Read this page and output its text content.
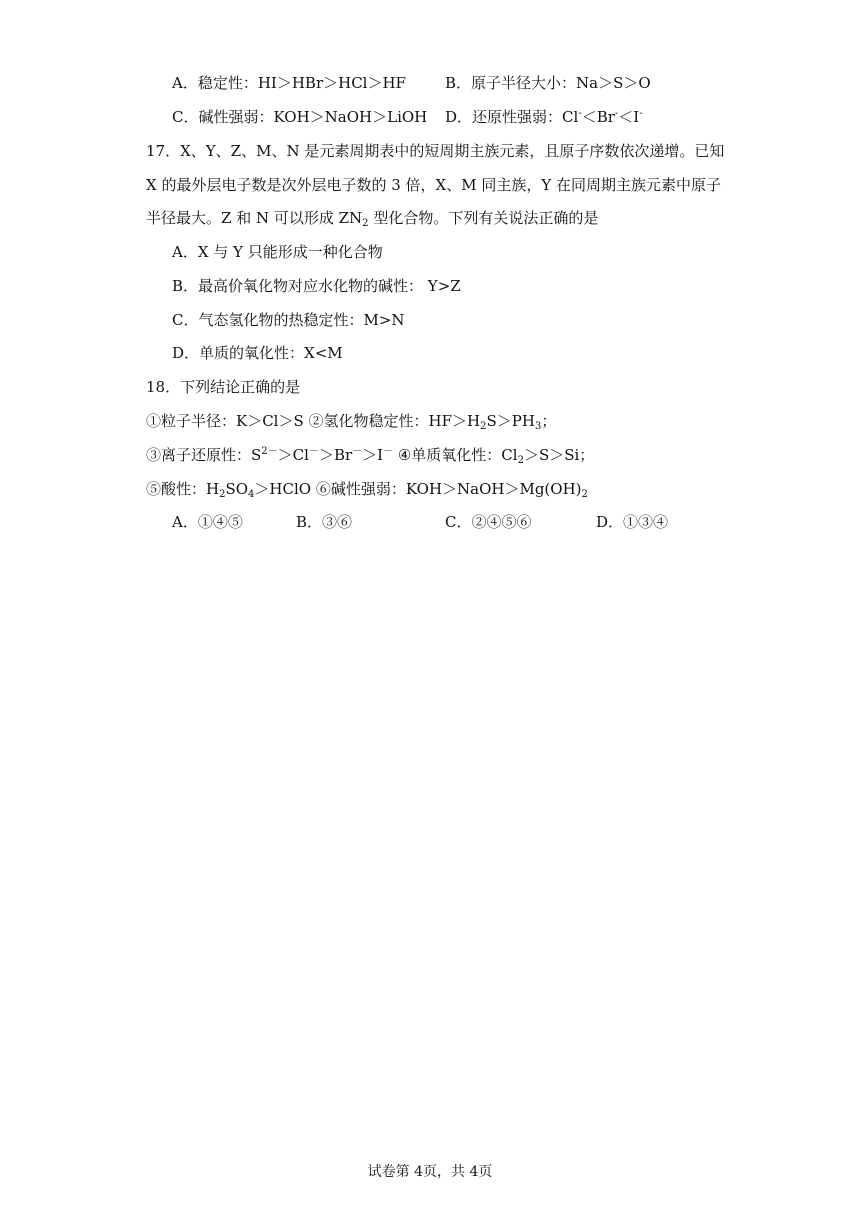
A．稳定性：HI＞HBr＞HCl＞HF	B．原子半径大小：Na＞S＞O
C．碱性强弱：KOH＞NaOH＞LiOH D．还原性强弱：Cl-＜Br-＜I-
17．X、Y、Z、M、N 是元素周期表中的短周期主族元素，且原子序数依次递增。已知
X 的最外层电子数是次外层电子数的 3 倍，X、M 同主族，Y 在同周期主族元素中原子
半径最大。Z 和 N 可以形成 $ZN_2$ 型化合物。下列有关说法正确的是
A．X 与 Y 只能形成一种化合物
B．最高价氧化物对应水化物的碱性： Y>Z
C．气态氢化物的热稳定性：M>N
D．单质的氧化性：X<M
18．下列结论正确的是
①粒子半径：K＞Cl＞S ②氢化物稳定性：$HF>H_2S>PH_3$；
③离子还原性：$S^{2-}>Cl^->Br^->I^-$ ④单质氧化性：$Cl_2>S>Si$；
⑤酸性：$H_2SO_4>HClO$ ⑥碱性强弱：$KOH>NaOH>Mg(OH)_2$
A．①④⑤	B．③⑥	C．②④⑤⑥	D．①③④
试卷第 4页，共 4页
